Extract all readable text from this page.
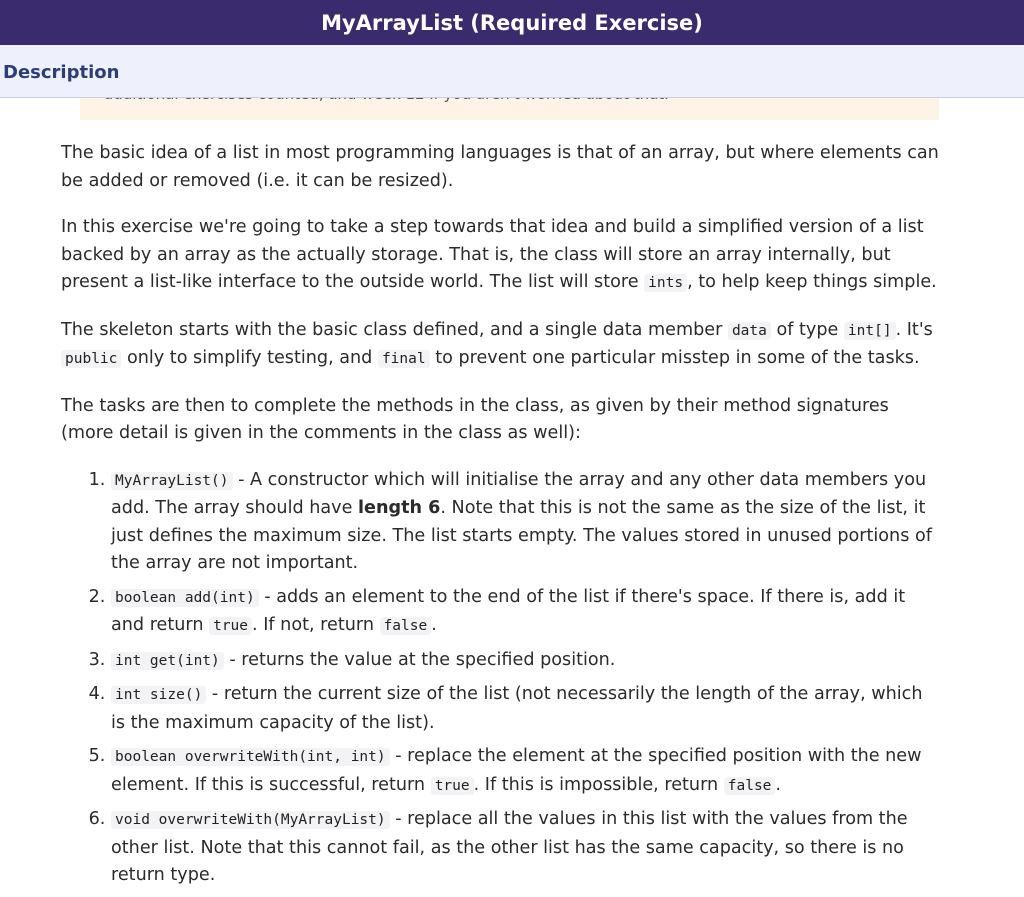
MyArrayList (Required Exercise)
Description

The basic idea of a list in most programming languages is that of an array, but where elements can be added or removed (i.e. it can be resized).

In this exercise we're going to take a step towards that idea and build a simplified version of a list backed by an array as the actually storage. That is, the class will store an array internally, but present a list-like interface to the outside world. The list will store ints , to help keep things simple.

The skeleton starts with the basic class defined, and a single data member data of type int[] . It's public only to simplify testing, and final to prevent one particular misstep in some of the tasks.

The tasks are then to complete the methods in the class, as given by their method signatures (more detail is given in the comments in the class as well):

1. MyArrayList() - A constructor which will initialise the array and any other data members you add. The array should have length 6. Note that this is not the same as the size of the list, it just defines the maximum size. The list starts empty. The values stored in unused portions of the array are not important.
2. boolean add(int) - adds an element to the end of the list if there's space. If there is, add it and return true . If not, return false .
3. int get(int) - returns the value at the specified position.
4. int size() - return the current size of the list (not necessarily the length of the array, which is the maximum capacity of the list).
5. boolean overwriteWith(int, int) - replace the element at the specified position with the new element. If this is successful, return true . If this is impossible, return false .
6. void overwriteWith(MyArrayList) - replace all the values in this list with the values from the other list. Note that this cannot fail, as the other list has the same capacity, so there is no return type.
